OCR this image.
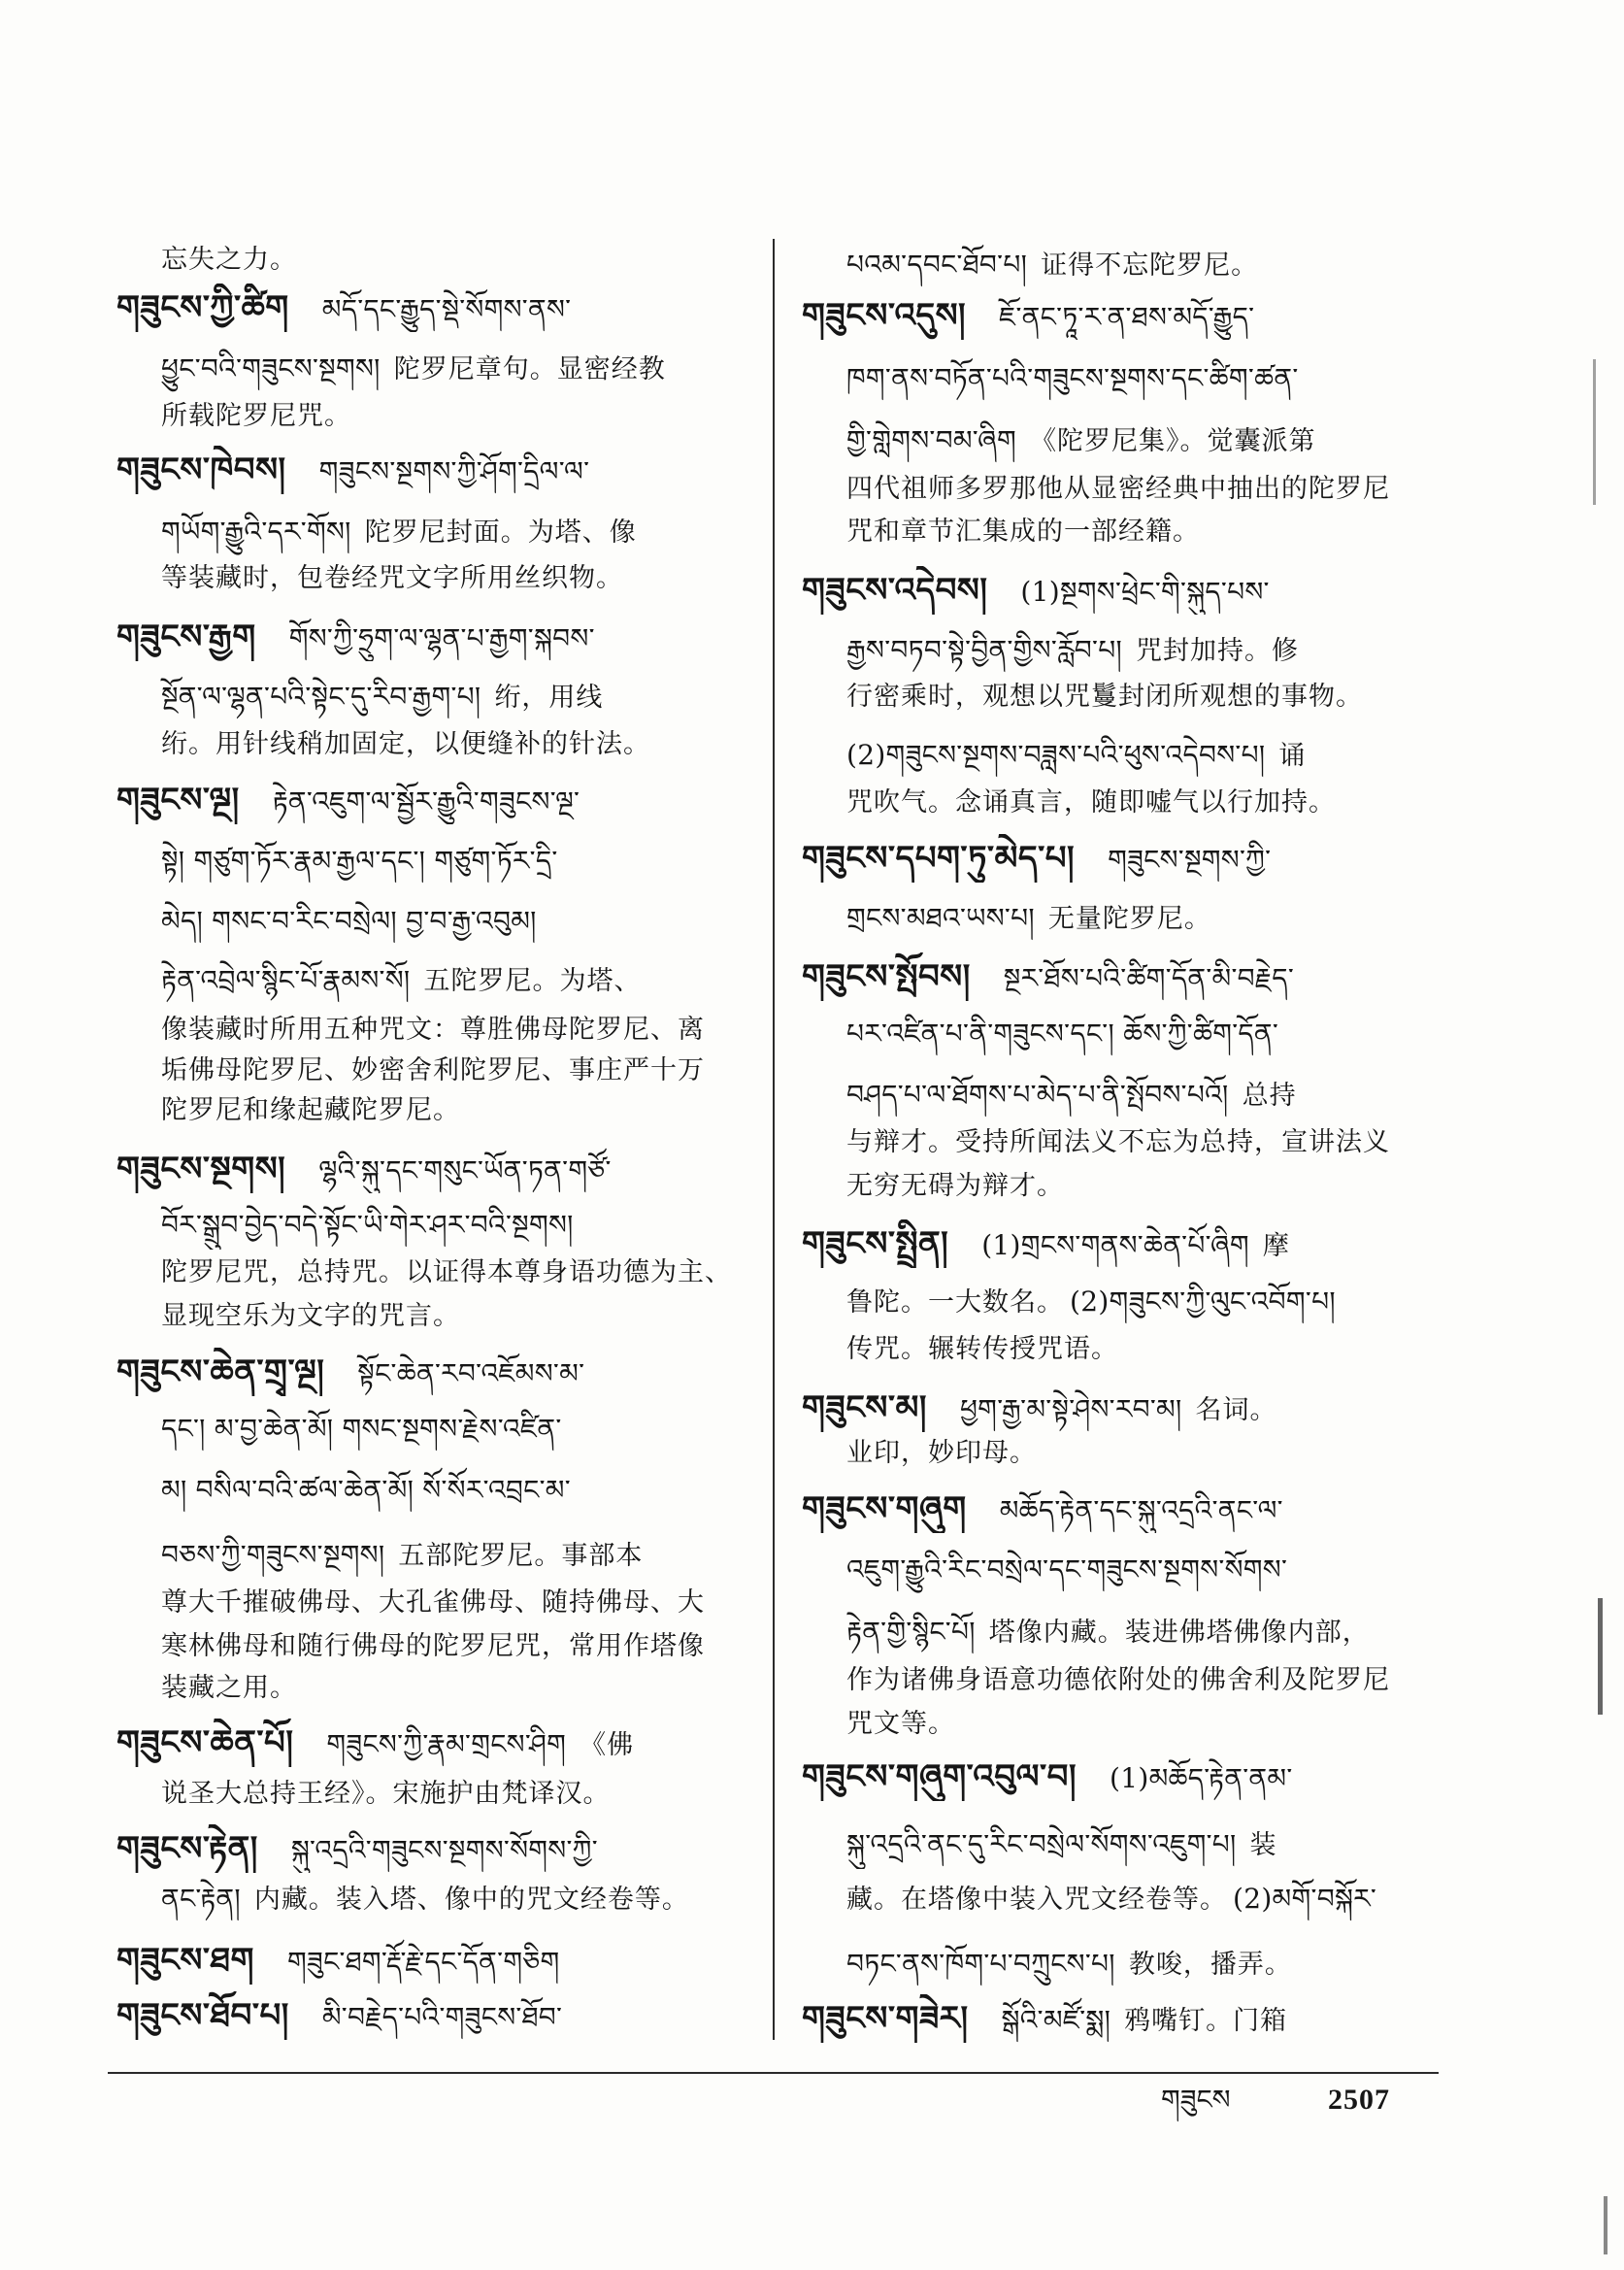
忘失之力。
གཟུངས་ཀྱི་ཚིག མདོ་དང་རྒྱུད་སྡེ་སོགས་ནས་
ཕྱུང་བའི་གཟུངས་སྔགས། 陀罗尼章句。显密经教
所载陀罗尼咒。
གཟུངས་ཁེབས། གཟུངས་སྔགས་ཀྱི་ཤོག་དྲིལ་ལ་
གཡོག་རྒྱུའི་དར་གོས། 陀罗尼封面。为塔、像
等装藏时，包卷经咒文字所用丝织物。
གཟུངས་རྒྱག གོས་ཀྱི་ཧྲུག་ལ་ལྷན་པ་རྒྱག་སྐབས་
སྔོན་ལ་ལྷན་པའི་སྟེང་དུ་རིབ་རྒྱག་པ། 绗，用线
绗。用针线稍加固定，以便缝补的针法。
གཟུངས་ལྔ། རྟེན་འཇུག་ལ་སྦྱོར་རྒྱུའི་གཟུངས་ལྔ་
སྟེ། གཙུག་ཏོར་རྣམ་རྒྱལ་དང་། གཙུག་ཏོར་དྲི་
མེད། གསང་བ་རིང་བསྲེལ། བྱ་བ་རྒྱ་འབུམ།
རྟེན་འབྲེལ་སྙིང་པོ་རྣམས་སོ། 五陀罗尼。为塔、
像装藏时所用五种咒文：尊胜佛母陀罗尼、离
垢佛母陀罗尼、妙密舍利陀罗尼、事庄严十万
陀罗尼和缘起藏陀罗尼。
གཟུངས་སྔགས། ལྷའི་སྐུ་དང་གསུང་ཡོན་ཏན་གཙོ་
བོར་སྒྲུབ་བྱེད་བདེ་སྟོང་ཡི་གེར་ཤར་བའི་སྔགས།
陀罗尼咒，总持咒。以证得本尊身语功德为主、
显现空乐为文字的咒言。
གཟུངས་ཆེན་གྲྭ་ལྔ། སྟོང་ཆེན་རབ་འཇོམས་མ་
དང་། མ་བྱ་ཆེན་མོ། གསང་སྔགས་རྗེས་འཛིན་
མ། བསིལ་བའི་ཚལ་ཆེན་མོ། སོ་སོར་འབྲང་མ་
བཅས་ཀྱི་གཟུངས་སྔགས། 五部陀罗尼。事部本
尊大千摧破佛母、大孔雀佛母、随持佛母、大
寒林佛母和随行佛母的陀罗尼咒，常用作塔像
装藏之用。
གཟུངས་ཆེན་པོ། གཟུངས་ཀྱི་རྣམ་གྲངས་ཤིག 《佛
说圣大总持王经》。宋施护由梵译汉。
གཟུངས་རྟེན། སྐུ་འདྲའི་གཟུངས་སྔགས་སོགས་ཀྱི་
ནང་རྟེན། 内藏。装入塔、像中的咒文经卷等。
གཟུངས་ཐག གཟུང་ཐག་རྡོ་རྗེ་དང་དོན་གཅིག
གཟུངས་ཐོབ་པ། མི་བརྗེད་པའི་གཟུངས་ཐོབ་
པའམ་དབང་ཐོབ་པ། 证得不忘陀罗尼。
གཟུངས་འདུས། ཇོ་ནང་ཏཱ་ར་ན་ཐས་མདོ་རྒྱུད་
ཁག་ནས་བཏོན་པའི་གཟུངས་སྔགས་དང་ཚིག་ཚན་
གྱི་གླེགས་བམ་ཞིག 《陀罗尼集》。觉囊派第
四代祖师多罗那他从显密经典中抽出的陀罗尼
咒和章节汇集成的一部经籍。
གཟུངས་འདེབས། (1)སྔགས་ཕྲེང་གི་སྐུད་པས་
རྒྱས་བཏབ་སྟེ་བྱིན་གྱིས་རློབ་པ། 咒封加持。修
行密乘时，观想以咒鬘封闭所观想的事物。
(2)གཟུངས་སྔགས་བཟླས་པའི་ཕུས་འདེབས་པ། 诵
咒吹气。念诵真言，随即嘘气以行加持。
གཟུངས་དཔག་ཏུ་མེད་པ། གཟུངས་སྔགས་ཀྱི་
གྲངས་མཐའ་ཡས་པ། 无量陀罗尼。
གཟུངས་སྤོབས། སྔར་ཐོས་པའི་ཚིག་དོན་མི་བརྗེད་
པར་འཛིན་པ་ནི་གཟུངས་དང་། ཆོས་ཀྱི་ཚིག་དོན་
བཤད་པ་ལ་ཐོགས་པ་མེད་པ་ནི་སྤོབས་པའོ། 总持
与辩才。受持所闻法义不忘为总持，宣讲法义
无穷无碍为辩才。
གཟུངས་སྤྲིན། (1)གྲངས་གནས་ཆེན་པོ་ཞིག 摩
鲁陀。一大数名。 (2)གཟུངས་ཀྱི་ལུང་འབོག་པ།
传咒。辗转传授咒语。
གཟུངས་མ། ཕྱག་རྒྱ་མ་སྟེ་ཤེས་རབ་མ། 名词。
业印，妙印母。
གཟུངས་གཞུག མཆོད་རྟེན་དང་སྐུ་འདྲའི་ནང་ལ་
འཇུག་རྒྱུའི་རིང་བསྲེལ་དང་གཟུངས་སྔགས་སོགས་
རྟེན་གྱི་སྙིང་པོ། 塔像内藏。装进佛塔佛像内部，
作为诸佛身语意功德依附处的佛舍利及陀罗尼
咒文等。
གཟུངས་གཞུག་འབུལ་བ། (1)མཆོད་རྟེན་ནམ་
སྐུ་འདྲའི་ནང་དུ་རིང་བསྲེལ་སོགས་འཇུག་པ། 装
藏。在塔像中装入咒文经卷等。 (2)མགོ་བསྐོར་
བཏང་ནས་ཁོག་པ་བཀྲུངས་པ། 教唆，播弄。
གཟུངས་གཟེར། སྒོའི་མཛོ་སྨ། 鸦嘴钉。门箱
གཟུངས	2507
